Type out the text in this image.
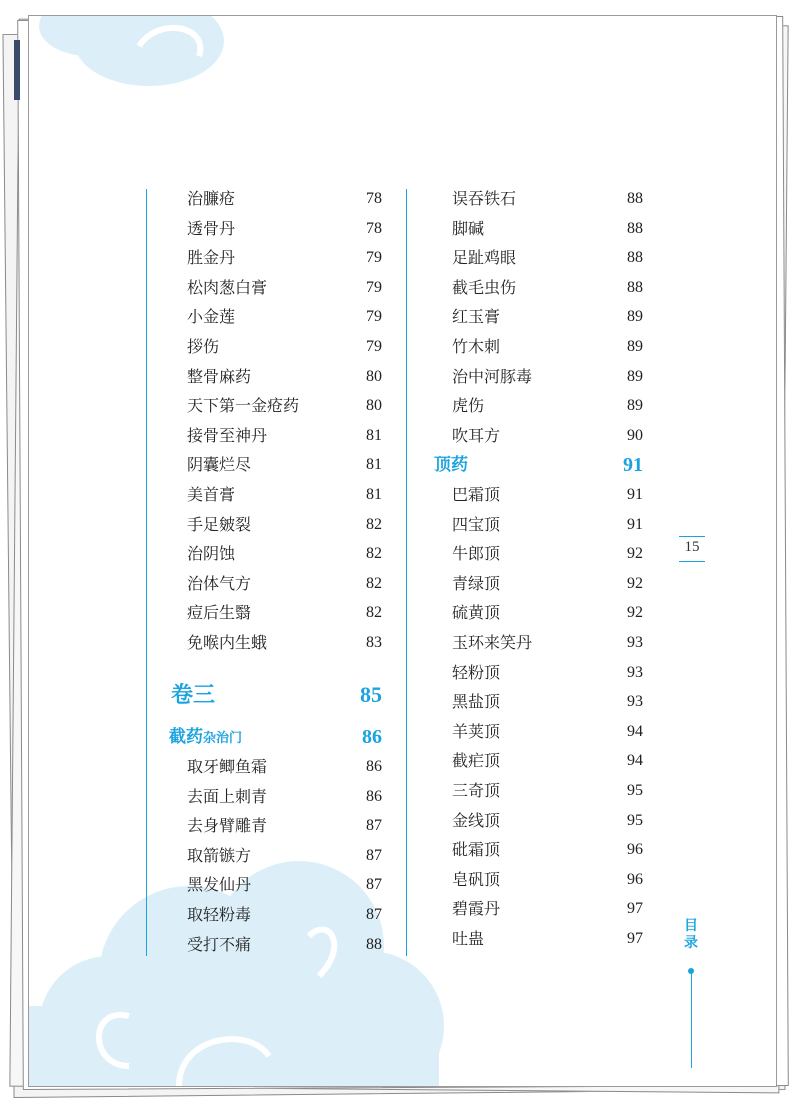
治臁疮	78
透骨丹	78
胜金丹	79
松肉葱白膏	79
小金莲	79
拶伤	79
整骨麻药	80
天下第一金疮药	80
接骨至神丹	81
阴囊烂尽	81
美首膏	81
手足皴裂	82
治阴蚀	82
治体气方	82
痘后生翳	82
免喉内生蛾	83
卷三	85
截药杂治门	86
取牙鲫鱼霜	86
去面上刺青	86
去身臂雕青	87
取箭镞方	87
黑发仙丹	87
取轻粉毒	87
受打不痛	88
误吞铁石	88
脚碱	88
足趾鸡眼	88
截毛虫伤	88
红玉膏	89
竹木刺	89
治中河豚毒	89
虎伤	89
吹耳方	90
顶药	91
巴霜顶	91
四宝顶	91
牛郎顶	92
青绿顶	92
硫黄顶	92
玉环来笑丹	93
轻粉顶	93
黑盐顶	93
羊荚顶	94
截疟顶	94
三奇顶	95
金线顶	95
砒霜顶	96
皂矾顶	96
碧霞丹	97
吐蛊	97
15
目录
